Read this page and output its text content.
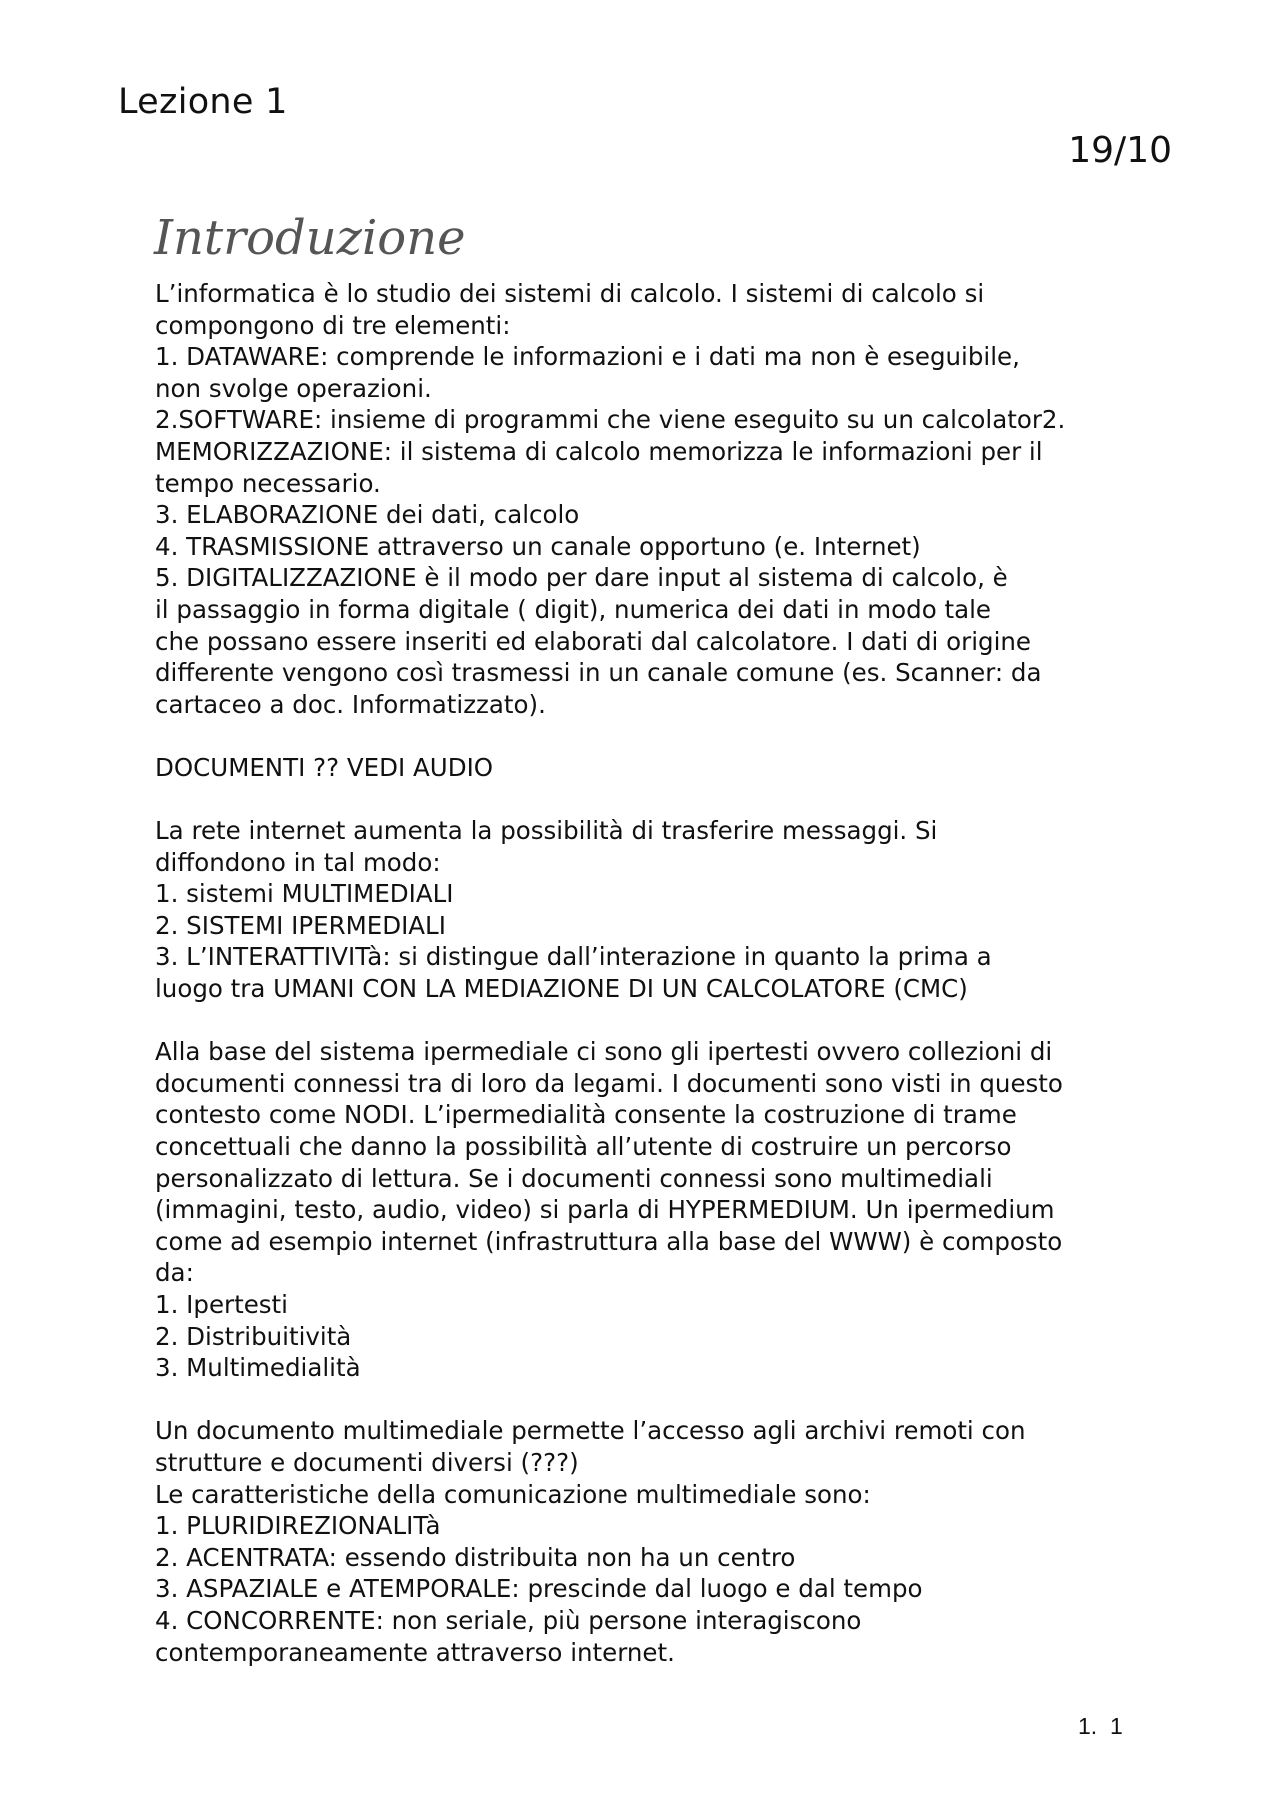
Lezione 1
19/10
Introduzione
L’informatica è lo studio dei sistemi di calcolo. I sistemi di calcolo si
compongono di tre elementi:
1. DATAWARE: comprende le informazioni e i dati ma non è eseguibile,
non svolge operazioni.
2.SOFTWARE: insieme di programmi che viene eseguito su un calcolator2.
MEMORIZZAZIONE: il sistema di calcolo memorizza le informazioni per il
tempo necessario.
3. ELABORAZIONE dei dati, calcolo
4. TRASMISSIONE attraverso un canale opportuno (e. Internet)
5. DIGITALIZZAZIONE è il modo per dare input al sistema di calcolo, è
il passaggio in forma digitale ( digit), numerica dei dati in modo tale
che possano essere inseriti ed elaborati dal calcolatore. I dati di origine
differente vengono così trasmessi in un canale comune (es. Scanner: da
cartaceo a doc. Informatizzato).
DOCUMENTI ?? VEDI AUDIO
La rete internet aumenta la possibilità di trasferire messaggi. Si
diffondono in tal modo:
1. sistemi MULTIMEDIALI
2. SISTEMI IPERMEDIALI
3. L’INTERATTIVITà: si distingue dall’interazione in quanto la prima a
luogo tra UMANI CON LA MEDIAZIONE DI UN CALCOLATORE (CMC)
Alla base del sistema ipermediale ci sono gli ipertesti ovvero collezioni di
documenti connessi tra di loro da legami. I documenti sono visti in questo
contesto come NODI. L’ipermedialità consente la costruzione di trame
concettuali che danno la possibilità all’utente di costruire un percorso
personalizzato di lettura. Se i documenti connessi sono multimediali
(immagini, testo, audio, video) si parla di HYPERMEDIUM. Un ipermedium
come ad esempio internet (infrastruttura alla base del WWW) è composto
da:
1. Ipertesti
2. Distribuitività
3. Multimedialità
Un documento multimediale permette l’accesso agli archivi remoti con
strutture e documenti diversi (???)
Le caratteristiche della comunicazione multimediale sono:
1. PLURIDIREZIONALITà
2. ACENTRATA: essendo distribuita non ha un centro
3. ASPAZIALE e ATEMPORALE: prescinde dal luogo e dal tempo
4. CONCORRENTE: non seriale, più persone interagiscono
contemporaneamente attraverso internet.
1.  1
